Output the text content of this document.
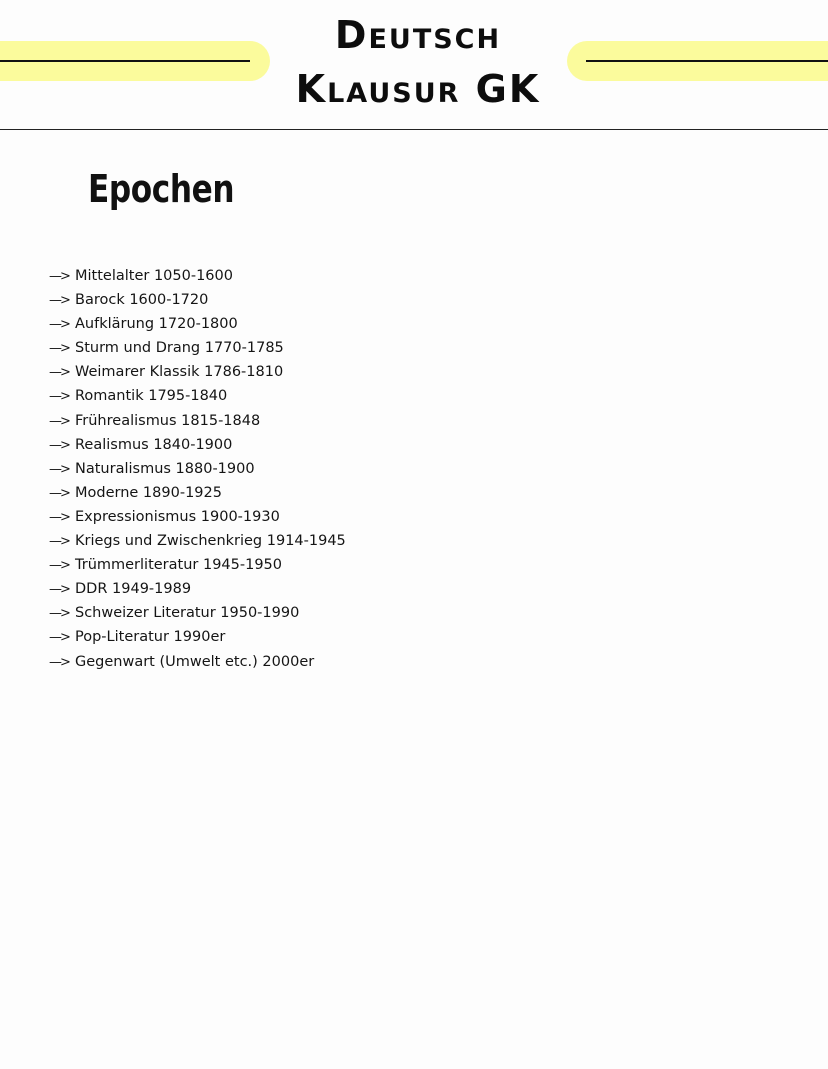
Deutsch
Klausur GK
Epochen
—> Mittelalter 1050-1600
—> Barock 1600-1720
—> Aufklärung 1720-1800
—> Sturm und Drang 1770-1785
—> Weimarer Klassik 1786-1810
—> Romantik 1795-1840
—> Frührealismus 1815-1848
—> Realismus 1840-1900
—> Naturalismus 1880-1900
—> Moderne 1890-1925
—> Expressionismus 1900-1930
—> Kriegs und Zwischenkrieg 1914-1945
—> Trümmerliteratur 1945-1950
—> DDR 1949-1989
—> Schweizer Literatur 1950-1990
—> Pop-Literatur 1990er
—> Gegenwart (Umwelt etc.) 2000er
